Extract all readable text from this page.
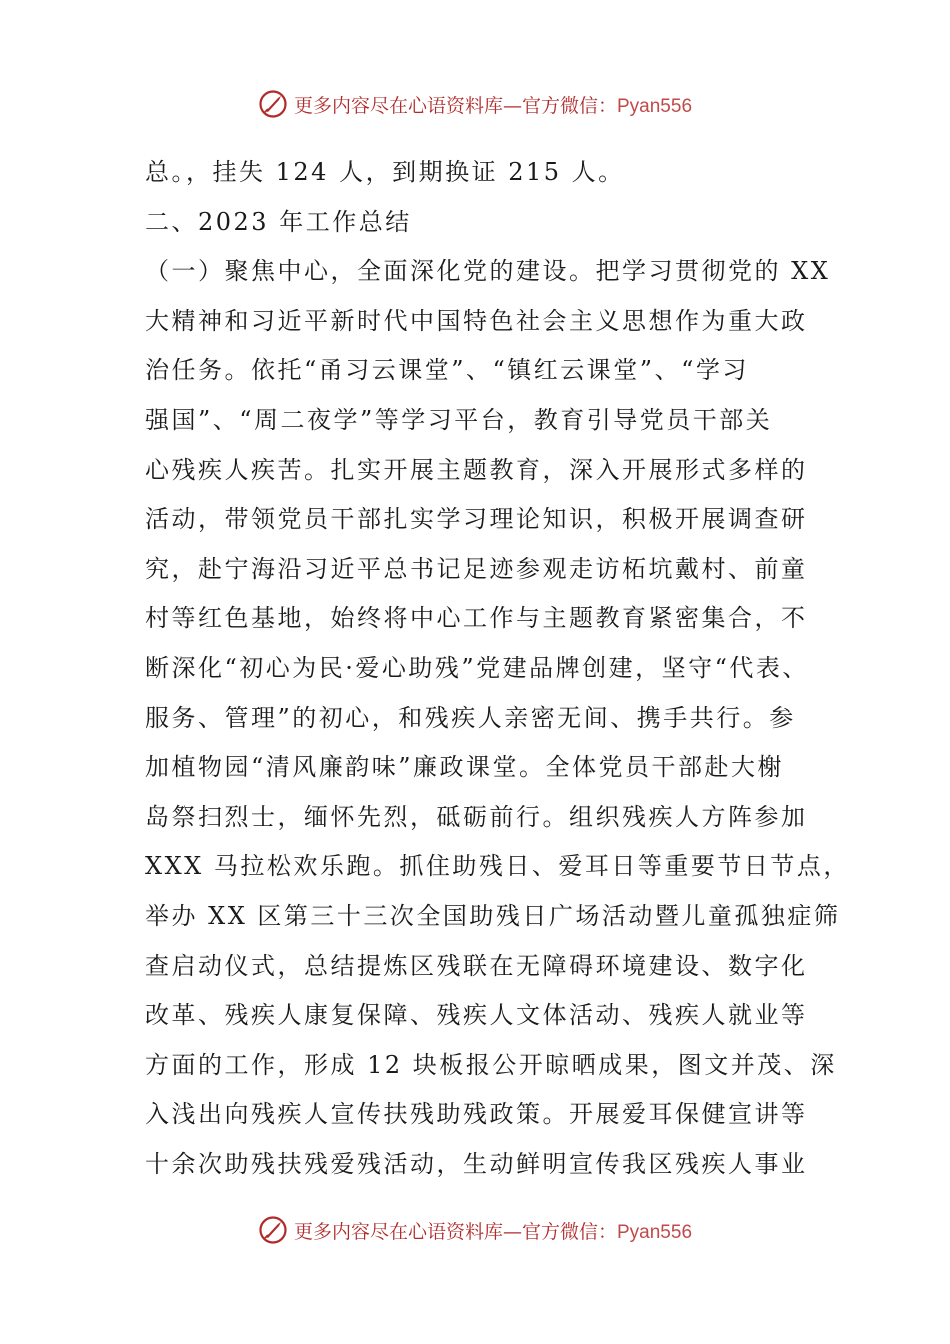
更多内容尽在心语资料库—官方微信：Pyan556
总。，挂失 124 人，到期换证 215 人。
二、2023 年工作总结
（一）聚焦中心，全面深化党的建设。把学习贯彻党的 XX
大精神和习近平新时代中国特色社会主义思想作为重大政
治任务。依托“甬习云课堂”、“镇红云课堂”、“学习
强国”、“周二夜学”等学习平台，教育引导党员干部关
心残疾人疾苦。扎实开展主题教育，深入开展形式多样的
活动，带领党员干部扎实学习理论知识，积极开展调查研
究，赴宁海沿习近平总书记足迹参观走访柘坑戴村、前童
村等红色基地，始终将中心工作与主题教育紧密集合，不
断深化“初心为民·爱心助残”党建品牌创建，坚守“代表、
服务、管理”的初心，和残疾人亲密无间、携手共行。参
加植物园“清风廉韵味”廉政课堂。全体党员干部赴大榭
岛祭扫烈士，缅怀先烈，砥砺前行。组织残疾人方阵参加
XXX 马拉松欢乐跑。抓住助残日、爱耳日等重要节日节点，
举办 XX 区第三十三次全国助残日广场活动暨儿童孤独症筛
查启动仪式，总结提炼区残联在无障碍环境建设、数字化
改革、残疾人康复保障、残疾人文体活动、残疾人就业等
方面的工作，形成 12 块板报公开晾晒成果，图文并茂、深
入浅出向残疾人宣传扶残助残政策。开展爱耳保健宣讲等
十余次助残扶残爱残活动，生动鲜明宣传我区残疾人事业
更多内容尽在心语资料库—官方微信：Pyan556
